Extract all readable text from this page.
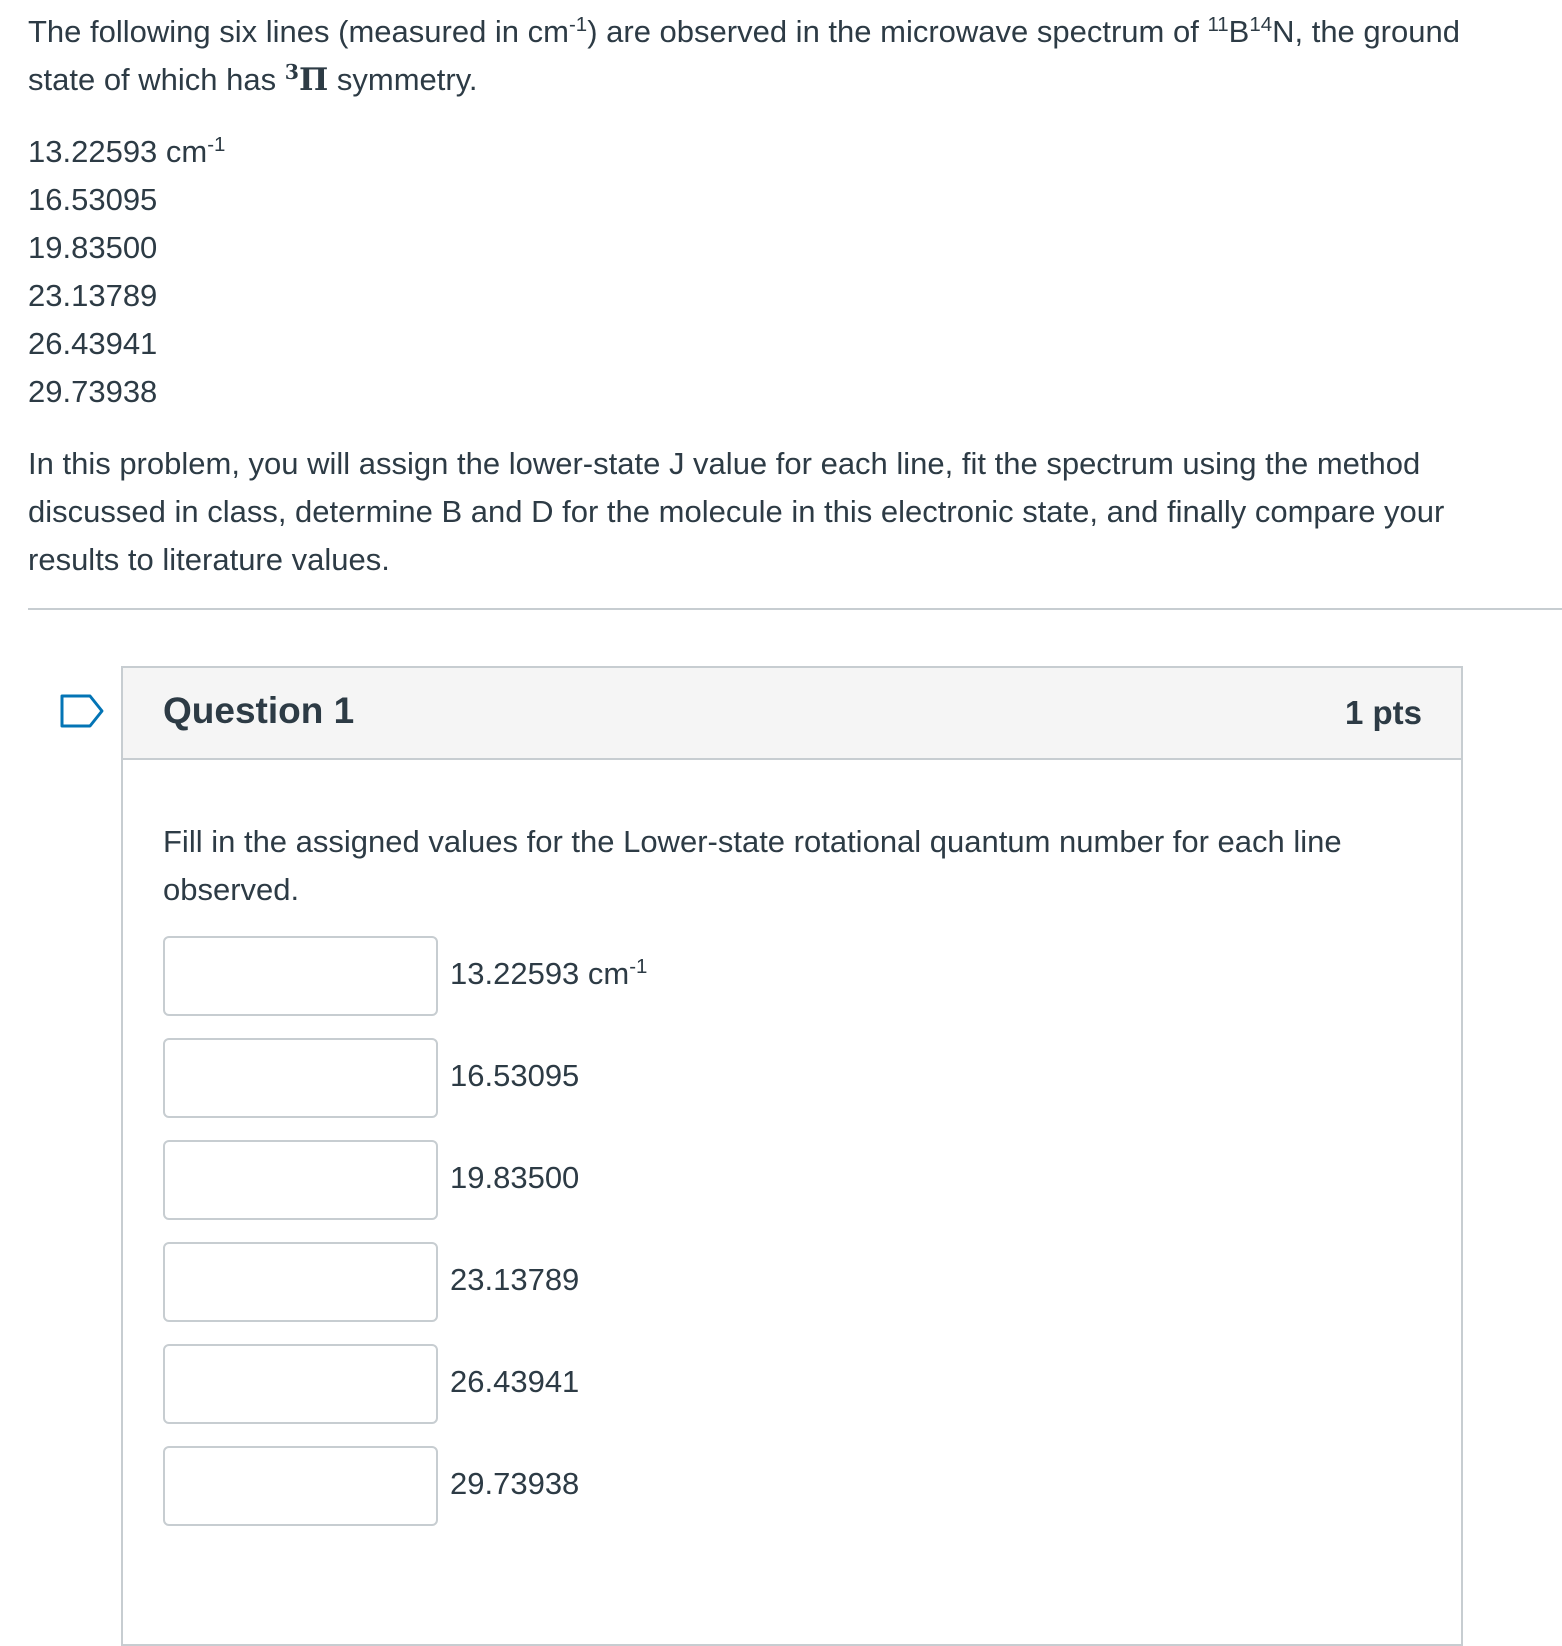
The following six lines (measured in $cm^{-1}$) are observed in the microwave spectrum of $^{11}B^{14}N$, the ground state of which has $^3$Π symmetry.

13.22593 $cm^{-1}$
16.53095
19.83500
23.13789
26.43941
29.73938

In this problem, you will assign the lower-state J value for each line, fit the spectrum using the method discussed in class, determine B and D for the molecule in this electronic state, and finally compare your results to literature values.

Question 1	1 pts
Fill in the assigned values for the Lower-state rotational quantum number for each line observed.
13.22593 $cm^{-1}$
16.53095
19.83500
23.13789
26.43941
29.73938
